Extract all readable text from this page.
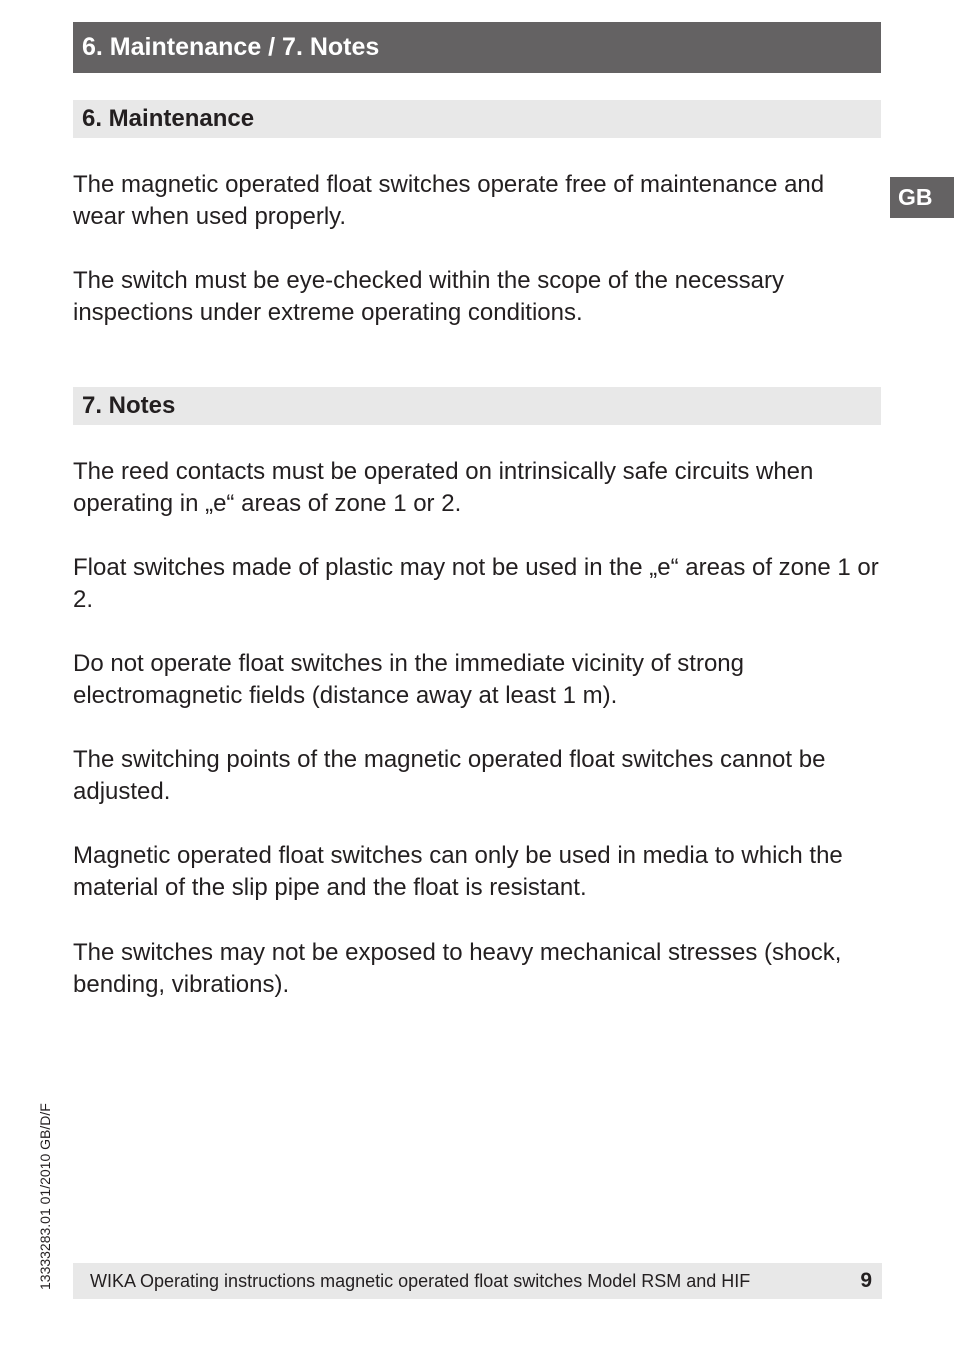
6. Maintenance / 7. Notes
GB
6. Maintenance

The magnetic operated float switches operate free of maintenance and wear when used properly.

The switch must be eye-checked within the scope of the necessary inspections under extreme operating conditions.

7. Notes

The reed contacts must be operated on intrinsically safe circuits when operating in „e“ areas of zone 1 or 2.

Float switches made of plastic may not be used in the „e“ areas of zone 1 or 2.

Do not operate float switches in the immediate vicinity of strong electromagnetic fields (distance away at least 1 m).

The switching points of the magnetic operated float switches cannot be adjusted.

Magnetic operated float switches can only be used in media to which the material of the slip pipe and the float is resistant.

The switches may not be exposed to heavy mechanical stresses (shock, bending, vibrations).

13333283.01 01/2010 GB/D/F	WIKA Operating instructions magnetic operated float switches Model RSM and HIF	9
